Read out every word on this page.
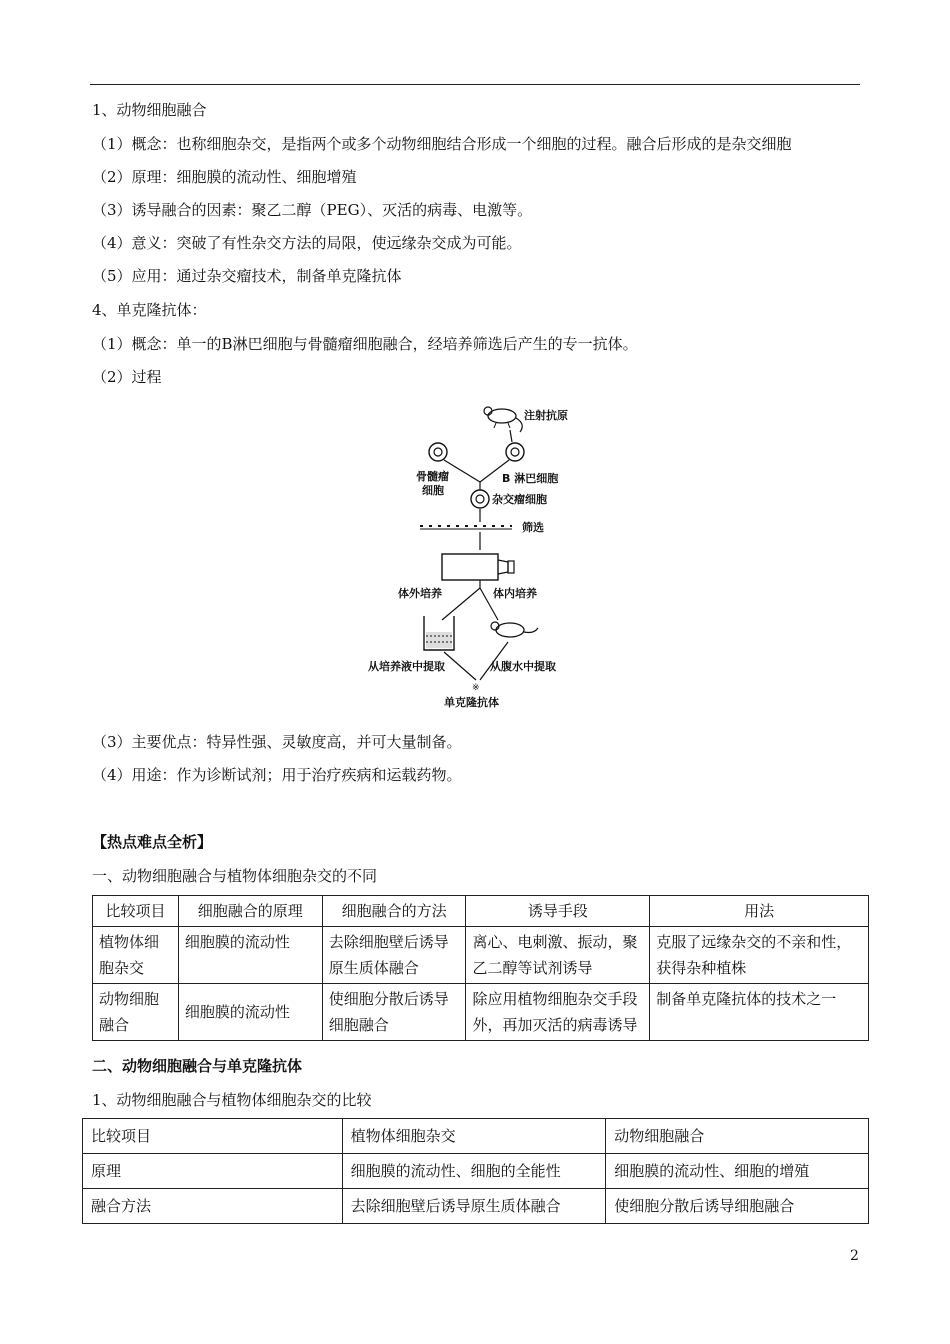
1、动物细胞融合
（1）概念：也称细胞杂交，是指两个或多个动物细胞结合形成一个细胞的过程。融合后形成的是杂交细胞
（2）原理：细胞膜的流动性、细胞增殖
（3）诱导融合的因素：聚乙二醇（PEG）、灭活的病毒、电激等。
（4）意义：突破了有性杂交方法的局限，使远缘杂交成为可能。
（5）应用：通过杂交瘤技术，制备单克隆抗体
4、单克隆抗体：
（1）概念：单一的B淋巴细胞与骨髓瘤细胞融合，经培养筛选后产生的专一抗体。
（2）过程
注射抗原
骨髓瘤
细胞
B 淋巴细胞
杂交瘤细胞
筛选
体外培养	体内培养
从培养液中提取	从腹水中提取
※
单克隆抗体
（3）主要优点：特异性强、灵敏度高，并可大量制备。
（4）用途：作为诊断试剂；用于治疗疾病和运载药物。
【热点难点全析】
一、动物细胞融合与植物体细胞杂交的不同
比较项目	细胞融合的原理	细胞融合的方法	诱导手段	用法
植物体细胞杂交	细胞膜的流动性	去除细胞壁后诱导原生质体融合	离心、电刺激、振动，聚乙二醇等试剂诱导	克服了远缘杂交的不亲和性，获得杂种植株
动物细胞融合	细胞膜的流动性	使细胞分散后诱导细胞融合	除应用植物细胞杂交手段外，再加灭活的病毒诱导	制备单克隆抗体的技术之一
二、动物细胞融合与单克隆抗体
1、动物细胞融合与植物体细胞杂交的比较
比较项目	植物体细胞杂交	动物细胞融合
原理	细胞膜的流动性、细胞的全能性	细胞膜的流动性、细胞的增殖
融合方法	去除细胞壁后诱导原生质体融合	使细胞分散后诱导细胞融合
2
